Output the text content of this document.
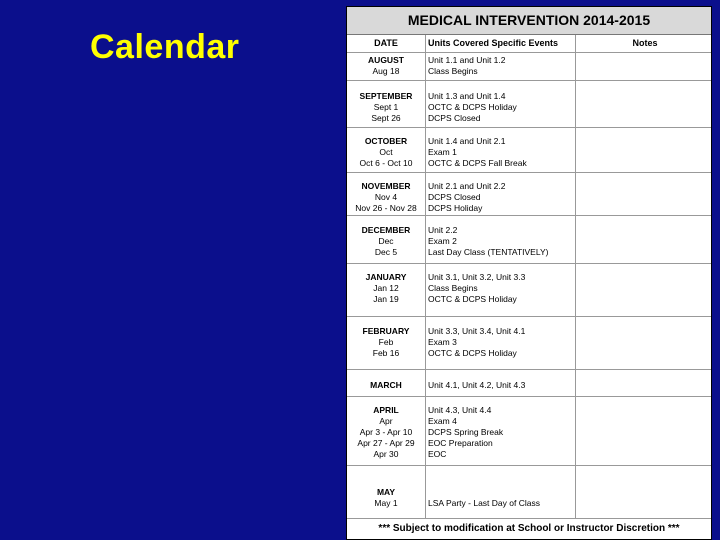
Calendar
MEDICAL INTERVENTION 2014-2015
DATE	Units Covered Specific Events	Notes
AUGUST	Unit 1.1 and Unit 1.2
Aug 18	Class Begins
SEPTEMBER	Unit 1.3 and Unit 1.4
Sept 1	OCTC & DCPS Holiday
Sept 26	DCPS Closed
OCTOBER	Unit 1.4 and Unit 2.1
Oct	Exam 1
Oct 6 - Oct 10	OCTC & DCPS Fall Break
NOVEMBER	Unit 2.1 and Unit 2.2
Nov 4	DCPS Closed
Nov 26 - Nov 28	DCPS Holiday
DECEMBER	Unit 2.2
Dec	Exam 2
Dec 5	Last Day Class (TENTATIVELY)
JANUARY	Unit 3.1, Unit 3.2, Unit 3.3
Jan 12	Class Begins
Jan 19	OCTC & DCPS Holiday
FEBRUARY	Unit 3.3, Unit 3.4, Unit 4.1
Feb	Exam 3
Feb 16	OCTC & DCPS Holiday
MARCH	Unit 4.1, Unit 4.2, Unit 4.3
APRIL	Unit 4.3, Unit 4.4
Apr	Exam 4
Apr 3 - Apr 10	DCPS Spring Break
Apr 27 - Apr 29	EOC Preparation
Apr 30	EOC
MAY
May 1	LSA Party - Last Day of Class
*** Subject to modification at School or Instructor Discretion ***
